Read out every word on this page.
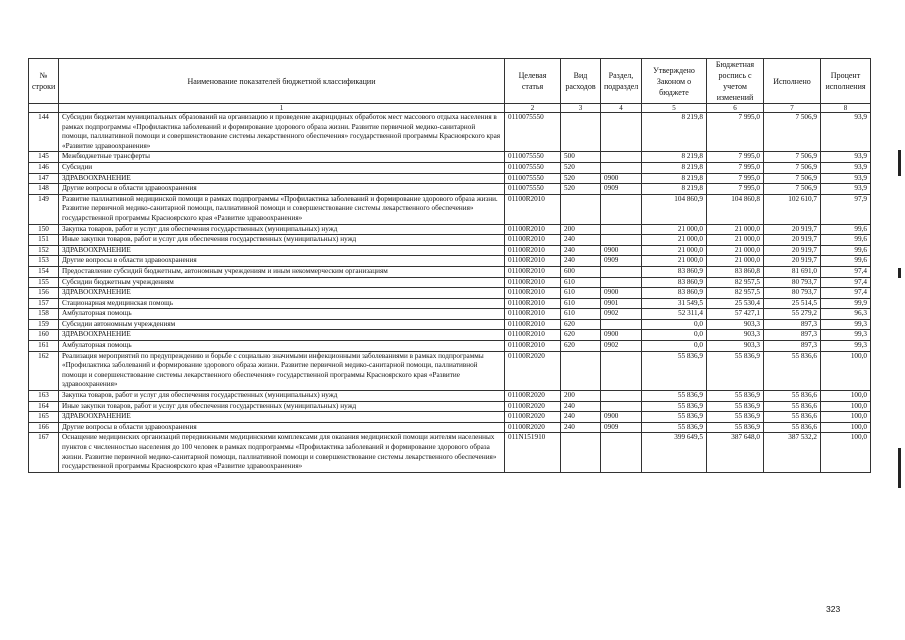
№ строки	Наименование показателей бюджетной классификации	Целевая статья	Вид расходов	Раздел, подраздел	Утверждено Законом о бюджете	Бюджетная роспись с учетом изменений	Исполнено	Процент исполнения
	1	2	3	4	5	6	7	8
144	Субсидии бюджетам муниципальных образований на организацию и проведение акарицидных обработок мест массового отдыха населения в рамках подпрограммы «Профилактика заболеваний и формирование здорового образа жизни. Развитие первичной медико-санитарной помощи, паллиативной помощи и совершенствование системы лекарственного обеспечения» государственной программы Красноярского края «Развитие здравоохранения»	0110075550			8 219,8	7 995,0	7 506,9	93,9
145	Межбюджетные трансферты	0110075550	500		8 219,8	7 995,0	7 506,9	93,9
146	Субсидии	0110075550	520		8 219,8	7 995,0	7 506,9	93,9
147	ЗДРАВООХРАНЕНИЕ	0110075550	520	0900	8 219,8	7 995,0	7 506,9	93,9
148	Другие вопросы в области здравоохранения	0110075550	520	0909	8 219,8	7 995,0	7 506,9	93,9
149	Развитие паллиативной медицинской помощи в рамках подпрограммы «Профилактика заболеваний и формирование здорового образа жизни. Развитие первичной медико-санитарной помощи, паллиативной помощи и совершенствование системы лекарственного обеспечения» государственной программы Красноярского края «Развитие здравоохранения»	01100R2010			104 860,9	104 860,8	102 610,7	97,9
150	Закупка товаров, работ и услуг для обеспечения государственных (муниципальных) нужд	01100R2010	200		21 000,0	21 000,0	20 919,7	99,6
151	Иные закупки товаров, работ и услуг для обеспечения государственных (муниципальных) нужд	01100R2010	240		21 000,0	21 000,0	20 919,7	99,6
152	ЗДРАВООХРАНЕНИЕ	01100R2010	240	0900	21 000,0	21 000,0	20 919,7	99,6
153	Другие вопросы в области здравоохранения	01100R2010	240	0909	21 000,0	21 000,0	20 919,7	99,6
154	Предоставление субсидий бюджетным, автономным учреждениям и иным некоммерческим организациям	01100R2010	600		83 860,9	83 860,8	81 691,0	97,4
155	Субсидии бюджетным учреждениям	01100R2010	610		83 860,9	82 957,5	80 793,7	97,4
156	ЗДРАВООХРАНЕНИЕ	01100R2010	610	0900	83 860,9	82 957,5	80 793,7	97,4
157	Стационарная медицинская помощь	01100R2010	610	0901	31 549,5	25 530,4	25 514,5	99,9
158	Амбулаторная помощь	01100R2010	610	0902	52 311,4	57 427,1	55 279,2	96,3
159	Субсидии автономным учреждениям	01100R2010	620		0,0	903,3	897,3	99,3
160	ЗДРАВООХРАНЕНИЕ	01100R2010	620	0900	0,0	903,3	897,3	99,3
161	Амбулаторная помощь	01100R2010	620	0902	0,0	903,3	897,3	99,3
162	Реализация мероприятий по предупреждению и борьбе с социально значимыми инфекционными заболеваниями в рамках подпрограммы «Профилактика заболеваний и формирование здорового образа жизни. Развитие первичной медико-санитарной помощи, паллиативной помощи и совершенствование системы лекарственного обеспечения» государственной программы Красноярского края «Развитие здравоохранения»	01100R2020			55 836,9	55 836,9	55 836,6	100,0
163	Закупка товаров, работ и услуг для обеспечения государственных (муниципальных) нужд	01100R2020	200		55 836,9	55 836,9	55 836,6	100,0
164	Иные закупки товаров, работ и услуг для обеспечения государственных (муниципальных) нужд	01100R2020	240		55 836,9	55 836,9	55 836,6	100,0
165	ЗДРАВООХРАНЕНИЕ	01100R2020	240	0900	55 836,9	55 836,9	55 836,6	100,0
166	Другие вопросы в области здравоохранения	01100R2020	240	0909	55 836,9	55 836,9	55 836,6	100,0
167	Оснащение медицинских организаций передвижными медицинскими комплексами для оказания медицинской помощи жителям населенных пунктов с численностью населения до 100 человек в рамках подпрограммы «Профилактика заболеваний и формирование здорового образа жизни. Развитие первичной медико-санитарной помощи, паллиативной помощи и совершенствование системы лекарственного обеспечения» государственной программы Красноярского края «Развитие здравоохранения»	011N151910			399 649,5	387 648,0	387 532,2	100,0
323
